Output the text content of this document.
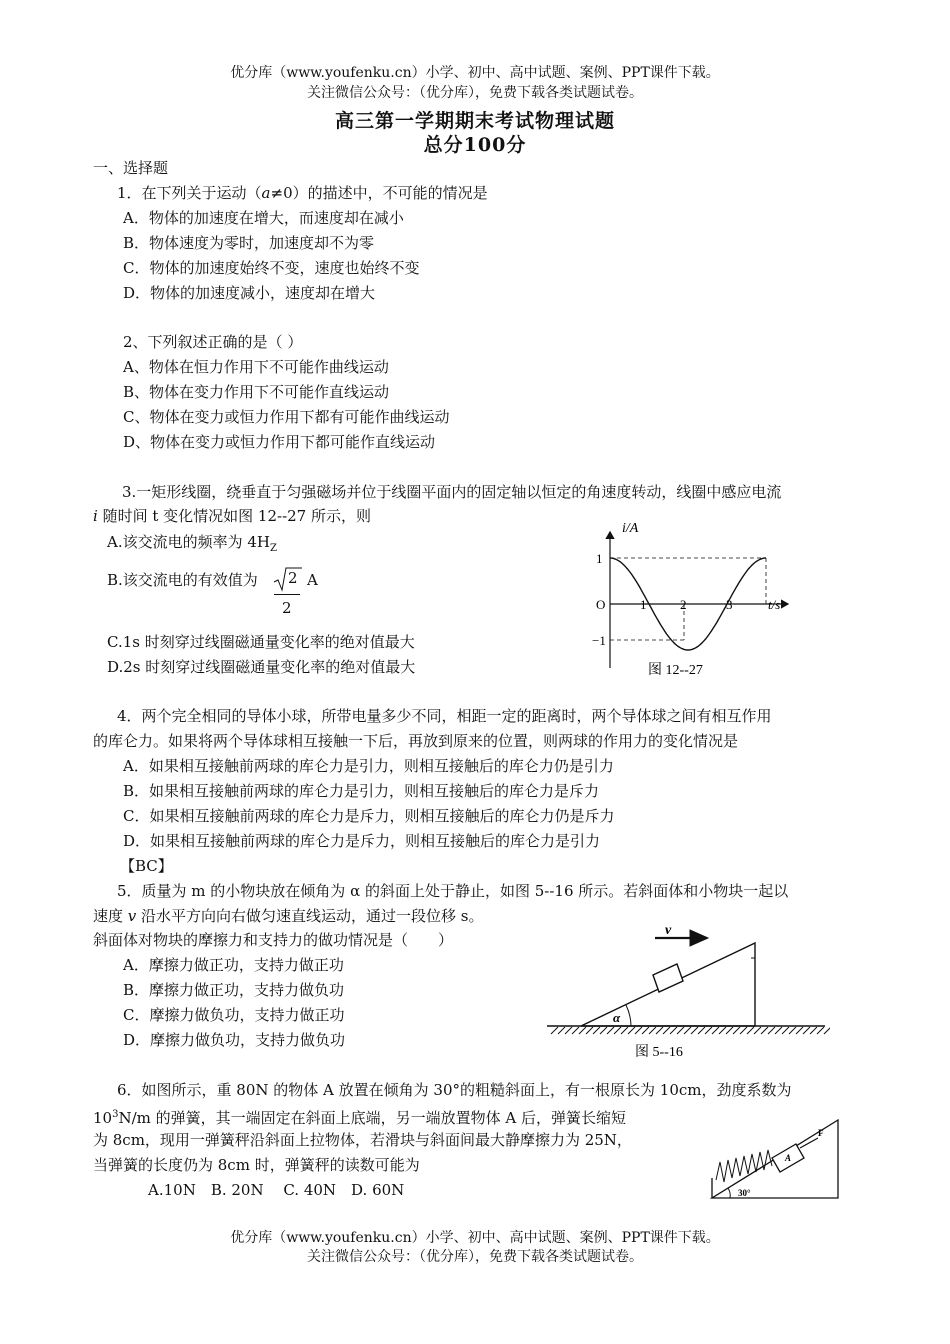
优分库（www.youfenku.cn）小学、初中、高中试题、案例、PPT课件下载。
关注微信公众号：（优分库），免费下载各类试题试卷。
高三第一学期期末考试物理试题
总分100分
一、选择题
1．在下列关于运动（a≠0）的描述中，不可能的情况是
A．物体的加速度在增大，而速度却在减小
B．物体速度为零时，加速度却不为零
C．物体的加速度始终不变，速度也始终不变
D．物体的加速度减小，速度却在增大
2、下列叙述正确的是（ ）
A、物体在恒力作用下不可能作曲线运动
B、物体在变力作用下不可能作直线运动
C、物体在变力或恒力作用下都有可能作曲线运动
D、物体在变力或恒力作用下都可能作直线运动
3.一矩形线圈，绕垂直于匀强磁场并位于线圈平面内的固定轴以恒定的角速度转动，线圈中感应电流
i 随时间 t 变化情况如图 12--27 所示，则
A.该交流电的频率为 $4H_Z$
B.该交流电的有效值为 2
2
A
C.1s 时刻穿过线圈磁通量变化率的绝对值最大
D.2s 时刻穿过线圈磁通量变化率的绝对值最大
i/A
1
−1
O	1	2	3	t/s
图 12--27
4．两个完全相同的导体小球，所带电量多少不同，相距一定的距离时，两个导体球之间有相互作用
的库仑力。如果将两个导体球相互接触一下后，再放到原来的位置，则两球的作用力的变化情况是
A．如果相互接触前两球的库仑力是引力，则相互接触后的库仑力仍是引力
B．如果相互接触前两球的库仑力是引力，则相互接触后的库仑力是斥力
C．如果相互接触前两球的库仑力是斥力，则相互接触后的库仑力仍是斥力
D．如果相互接触前两球的库仑力是斥力，则相互接触后的库仑力是引力
【BC】
5．质量为 m 的小物块放在倾角为 α 的斜面上处于静止，如图 5--16 所示。若斜面体和小物块一起以
速度 v 沿水平方向向右做匀速直线运动，通过一段位移 s。
斜面体对物块的摩擦力和支持力的做功情况是（　　）
A．摩擦力做正功，支持力做正功
B．摩擦力做正功，支持力做负功
C．摩擦力做负功，支持力做正功
D．摩擦力做负功，支持力做负功
v
α
图 5--16
6．如图所示，重 80N 的物体 A 放置在倾角为 30°的粗糙斜面上，有一根原长为 10cm，劲度系数为
$10^3N/m$ 的弹簧，其一端固定在斜面上底端，另一端放置物体 A 后，弹簧长缩短
为 8cm，现用一弹簧秤沿斜面上拉物体，若滑块与斜面间最大静摩擦力为 25N，
当弹簧的长度仍为 8cm 时，弹簧秤的读数可能为
A.10N　B. 20N　 C. 40N　D. 60N
A
F
30°
优分库（www.youfenku.cn）小学、初中、高中试题、案例、PPT课件下载。
关注微信公众号：（优分库），免费下载各类试题试卷。
